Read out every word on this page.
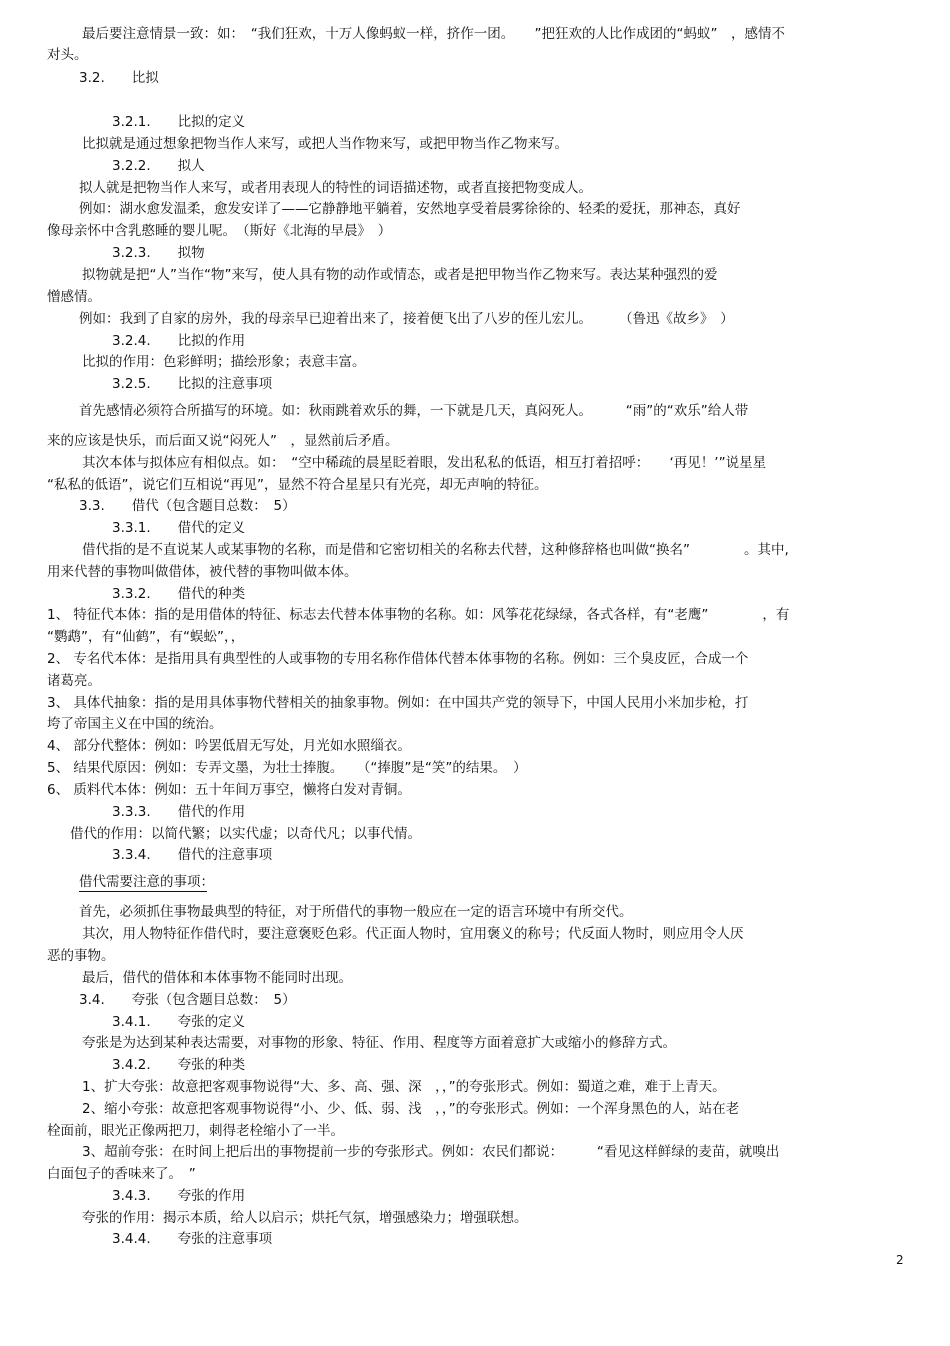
最后要注意情景一致：如：　“我们狂欢，十万人像蚂蚁一样，挤作一团。　　”把狂欢的人比作成团的“蚂蚁”　，感情不
对头。
3.2.　　比拟
3.2.1.　　比拟的定义
比拟就是通过想象把物当作人来写，或把人当作物来写，或把甲物当作乙物来写。
3.2.2.　　拟人
拟人就是把物当作人来写，或者用表现人的特性的词语描述物，或者直接把物变成人。
例如：湖水愈发温柔，愈发安详了——它静静地平躺着，安然地享受着晨雾徐徐的、轻柔的爱抚，那神态，真好
像母亲怀中含乳憨睡的婴儿呢。　（斯好《北海的早晨》　）
3.2.3.　　拟物
拟物就是把“人”当作“物”来写，使人具有物的动作或情态，或者是把甲物当作乙物来写。表达某种强烈的爱
憎感情。
例如：我到了自家的房外，我的母亲早已迎着出来了，接着便飞出了八岁的侄儿宏儿。　　　（鲁迅《故乡》　）
3.2.4.　　比拟的作用
比拟的作用：色彩鲜明；描绘形象；表意丰富。
3.2.5.　　比拟的注意事项
首先感情必须符合所描写的环境。如：秋雨跳着欢乐的舞，一下就是几天，真闷死人。　　　“雨”的“欢乐”给人带
来的应该是快乐，而后面又说“闷死人”　，显然前后矛盾。
其次本体与拟体应有相似点。如：　“空中稀疏的晨星眨着眼，发出私私的低语，相互打着招呼：　　‘再见！’”说星星
“私私的低语”，说它们互相说“再见”，显然不符合星星只有光亮，却无声响的特征。
3.3.　　借代（包含题目总数：　5）
3.3.1.　　借代的定义
借代指的是不直说某人或某事物的名称，而是借和它密切相关的名称去代替，这种修辞格也叫做“换名”　　　　。其中,
用来代替的事物叫做借体，被代替的事物叫做本体。
3.3.2.　　借代的种类
1、 特征代本体：指的是用借体的特征、标志去代替本体事物的名称。如：风筝花花绿绿，各式各样，有“老鹰”　　　　，有
“鹦鹉”，有“仙鹤”，有“蜈蚣”，，
2、 专名代本体：是指用具有典型性的人或事物的专用名称作借体代替本体事物的名称。例如：三个臭皮匠，合成一个
诸葛亮。
3、 具体代抽象：指的是用具体事物代替相关的抽象事物。例如：在中国共产党的领导下，中国人民用小米加步枪，打
垮了帝国主义在中国的统治。
4、 部分代整体：例如：吟罢低眉无写处，月光如水照缁衣。
5、 结果代原因：例如：专弄文墨，为壮士捧腹。　　（“捧腹”是“笑”的结果。　）
6、 质料代本体：例如：五十年间万事空，懒将白发对青铜。
3.3.3.　　借代的作用
借代的作用：以简代繁；以实代虚；以奇代凡；以事代情。
3.3.4.　　借代的注意事项
借代需要注意的事项：　
首先，必须抓住事物最典型的特征，对于所借代的事物一般应在一定的语言环境中有所交代。
其次，用人物特征作借代时，要注意褒贬色彩。代正面人物时，宜用褒义的称号；代反面人物时，则应用令人厌
恶的事物。
最后，借代的借体和本体事物不能同时出现。
3.4.　　夸张（包含题目总数：　5）
3.4.1.　　夸张的定义
夸张是为达到某种表达需要，对事物的形象、特征、作用、程度等方面着意扩大或缩小的修辞方式。
3.4.2.　　夸张的种类
1、扩大夸张：故意把客观事物说得“大、多、高、强、深　，，”的夸张形式。例如：蜀道之难，难于上青天。
2、缩小夸张：故意把客观事物说得“小、少、低、弱、浅　，，”的夸张形式。例如：一个浑身黑色的人，站在老
栓面前，眼光正像两把刀，刺得老栓缩小了一半。
3、超前夸张：在时间上把后出的事物提前一步的夸张形式。例如：农民们都说：　　　“看见这样鲜绿的麦苗，就嗅出
白面包子的香味来了。　”
3.4.3.　　夸张的作用
夸张的作用：揭示本质，给人以启示；烘托气氛，增强感染力；增强联想。
3.4.4.　　夸张的注意事项
2
